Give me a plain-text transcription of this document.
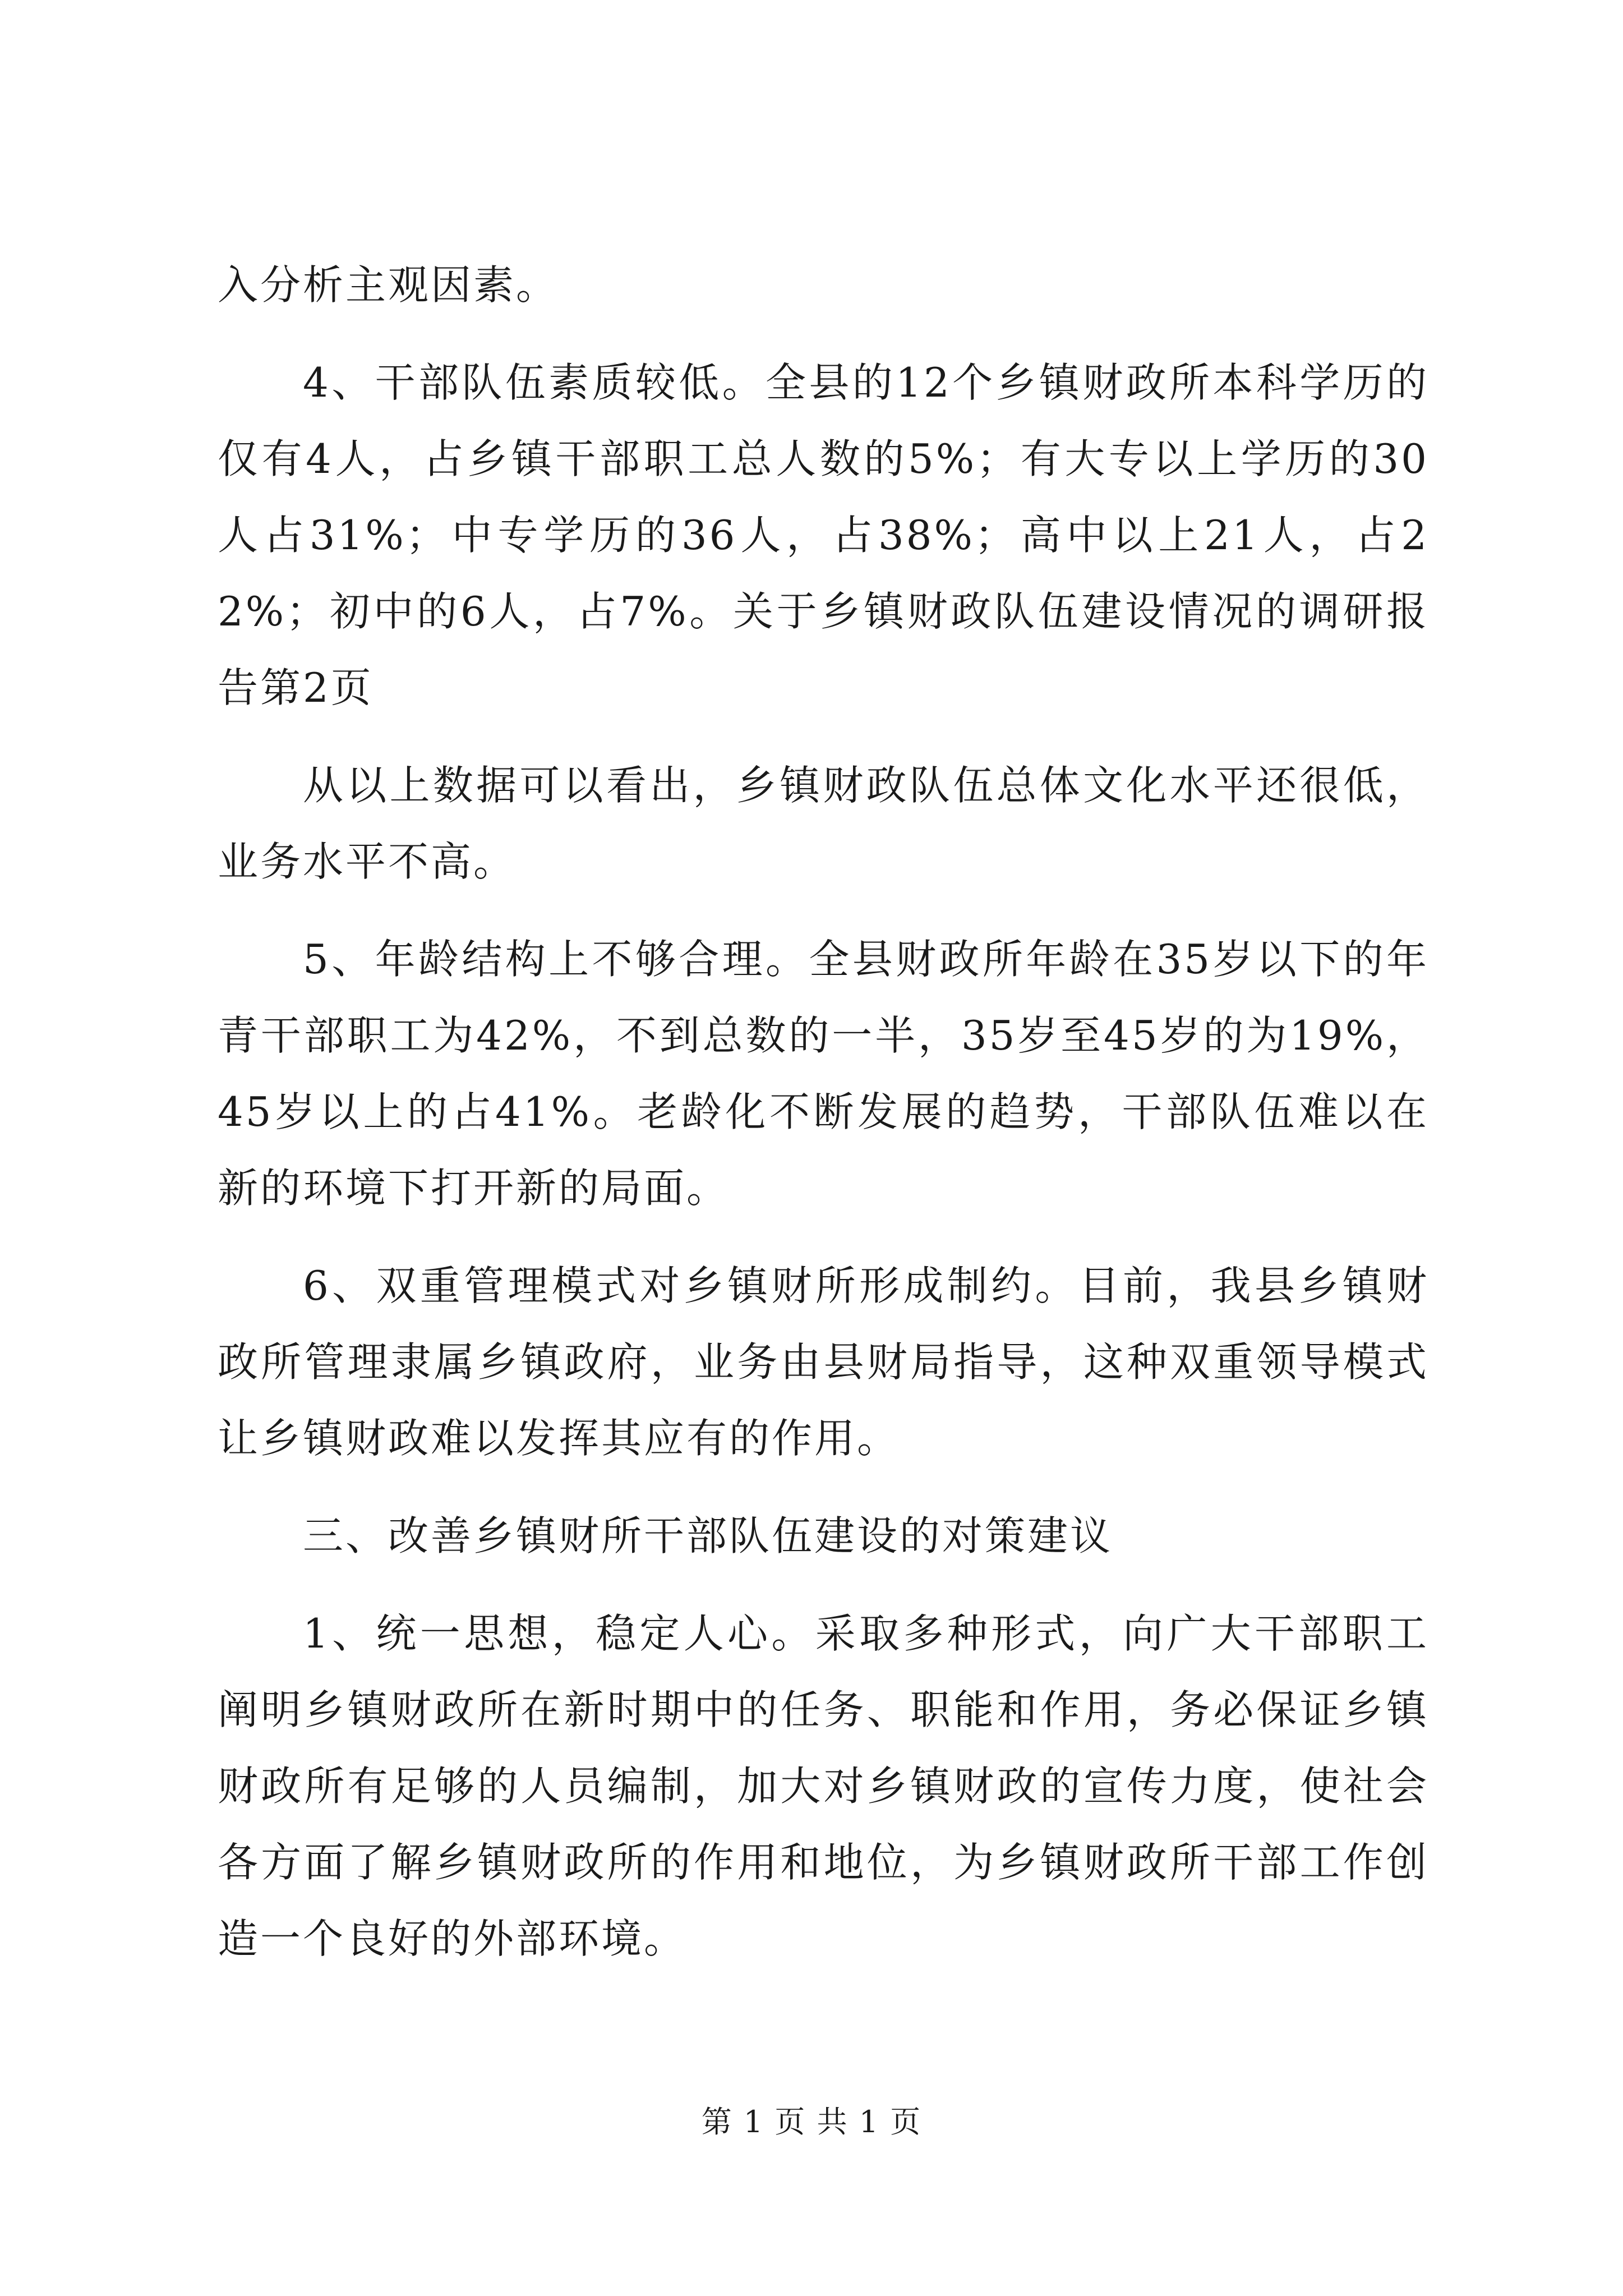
入分析主观因素。

4、干部队伍素质较低。全县的12个乡镇财政所本科学历的仅有4人，占乡镇干部职工总人数的5%；有大专以上学历的30人占31%；中专学历的36人，占38%；高中以上21人，占22%；初中的6人，占7%。关于乡镇财政队伍建设情况的调研报告第2页

从以上数据可以看出，乡镇财政队伍总体文化水平还很低，业务水平不高。

5、年龄结构上不够合理。全县财政所年龄在35岁以下的年青干部职工为42%，不到总数的一半，35岁至45岁的为19%，45岁以上的占41%。老龄化不断发展的趋势，干部队伍难以在新的环境下打开新的局面。

6、双重管理模式对乡镇财所形成制约。目前，我县乡镇财政所管理隶属乡镇政府，业务由县财局指导，这种双重领导模式让乡镇财政难以发挥其应有的作用。

三、改善乡镇财所干部队伍建设的对策建议

1、统一思想，稳定人心。采取多种形式，向广大干部职工阐明乡镇财政所在新时期中的任务、职能和作用，务必保证乡镇财政所有足够的人员编制，加大对乡镇财政的宣传力度，使社会各方面了解乡镇财政所的作用和地位，为乡镇财政所干部工作创造一个良好的外部环境。

第 1 页 共 1 页
